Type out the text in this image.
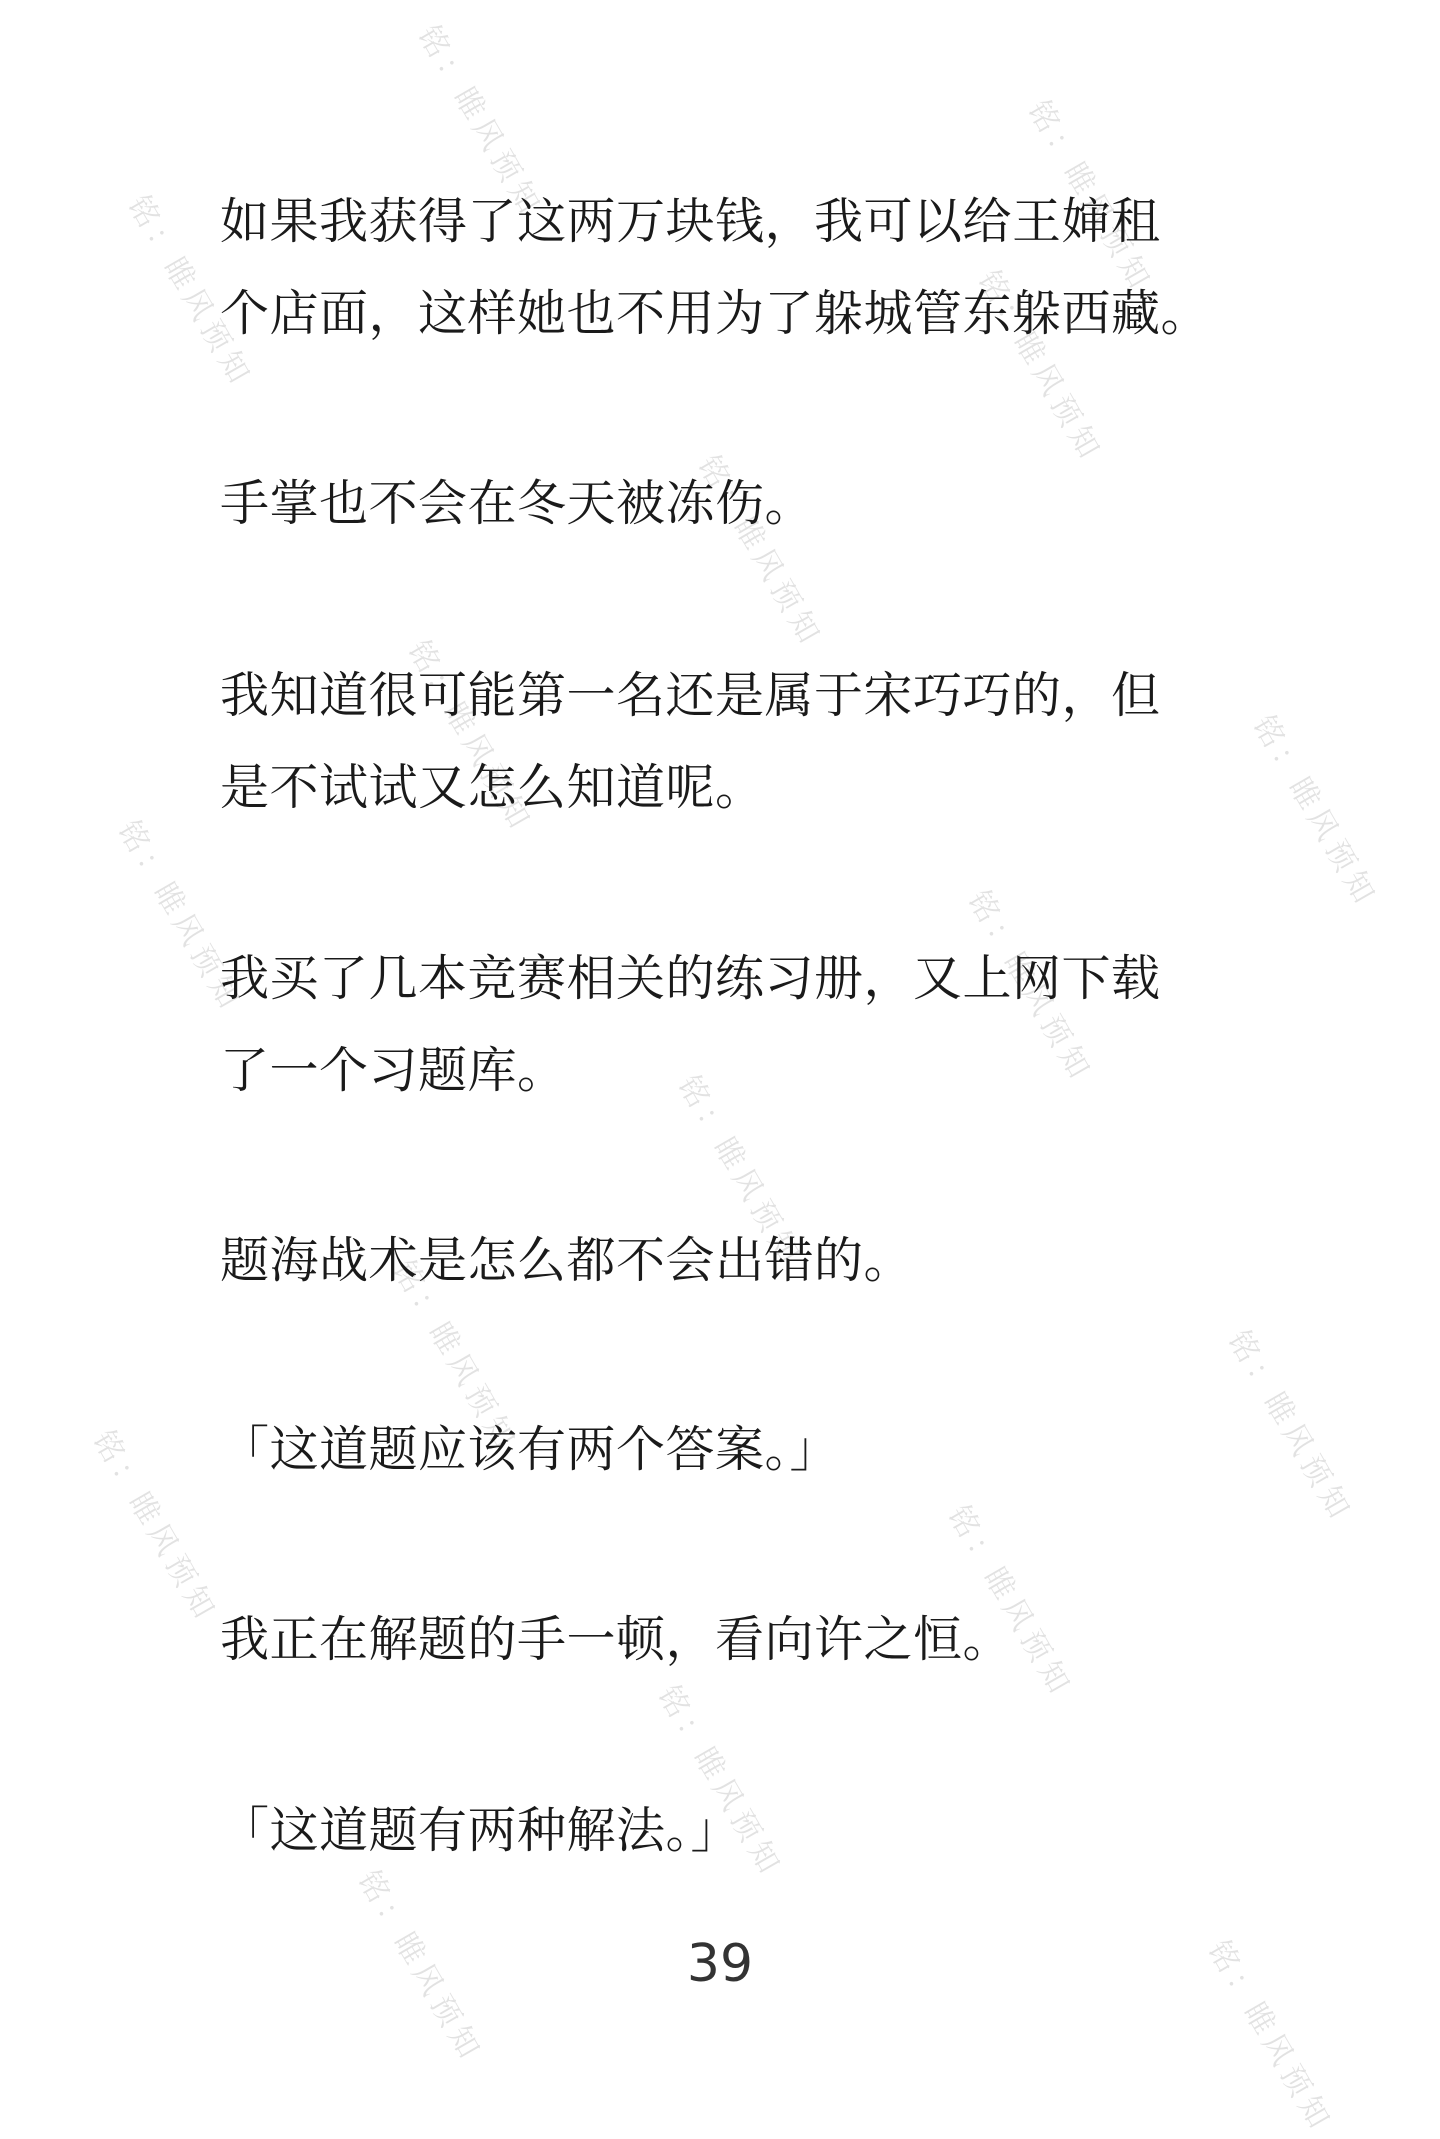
铭：睢风预知	铭：睢风预知
铭：睢风预知
铭：睢风预知
铭：睢风预知
铭：睢风预知	铭：睢风预知
铭：睢风预知	铭：睢风预知
铭：睢风预知
铭：睢风预知	铭：睢风预知
铭：睢风预知	铭：睢风预知
铭：睢风预知
铭：睢风预知	铭：睢风预知

如果我获得了这两万块钱，我可以给王婶租
个店面，这样她也不用为了躲城管东躲西藏。

手掌也不会在冬天被冻伤。

我知道很可能第一名还是属于宋巧巧的，但
是不试试又怎么知道呢。

我买了几本竞赛相关的练习册，又上网下载
了一个习题库。

题海战术是怎么都不会出错的。

「这道题应该有两个答案。」

我正在解题的手一顿，看向许之恒。

「这道题有两种解法。」

39
